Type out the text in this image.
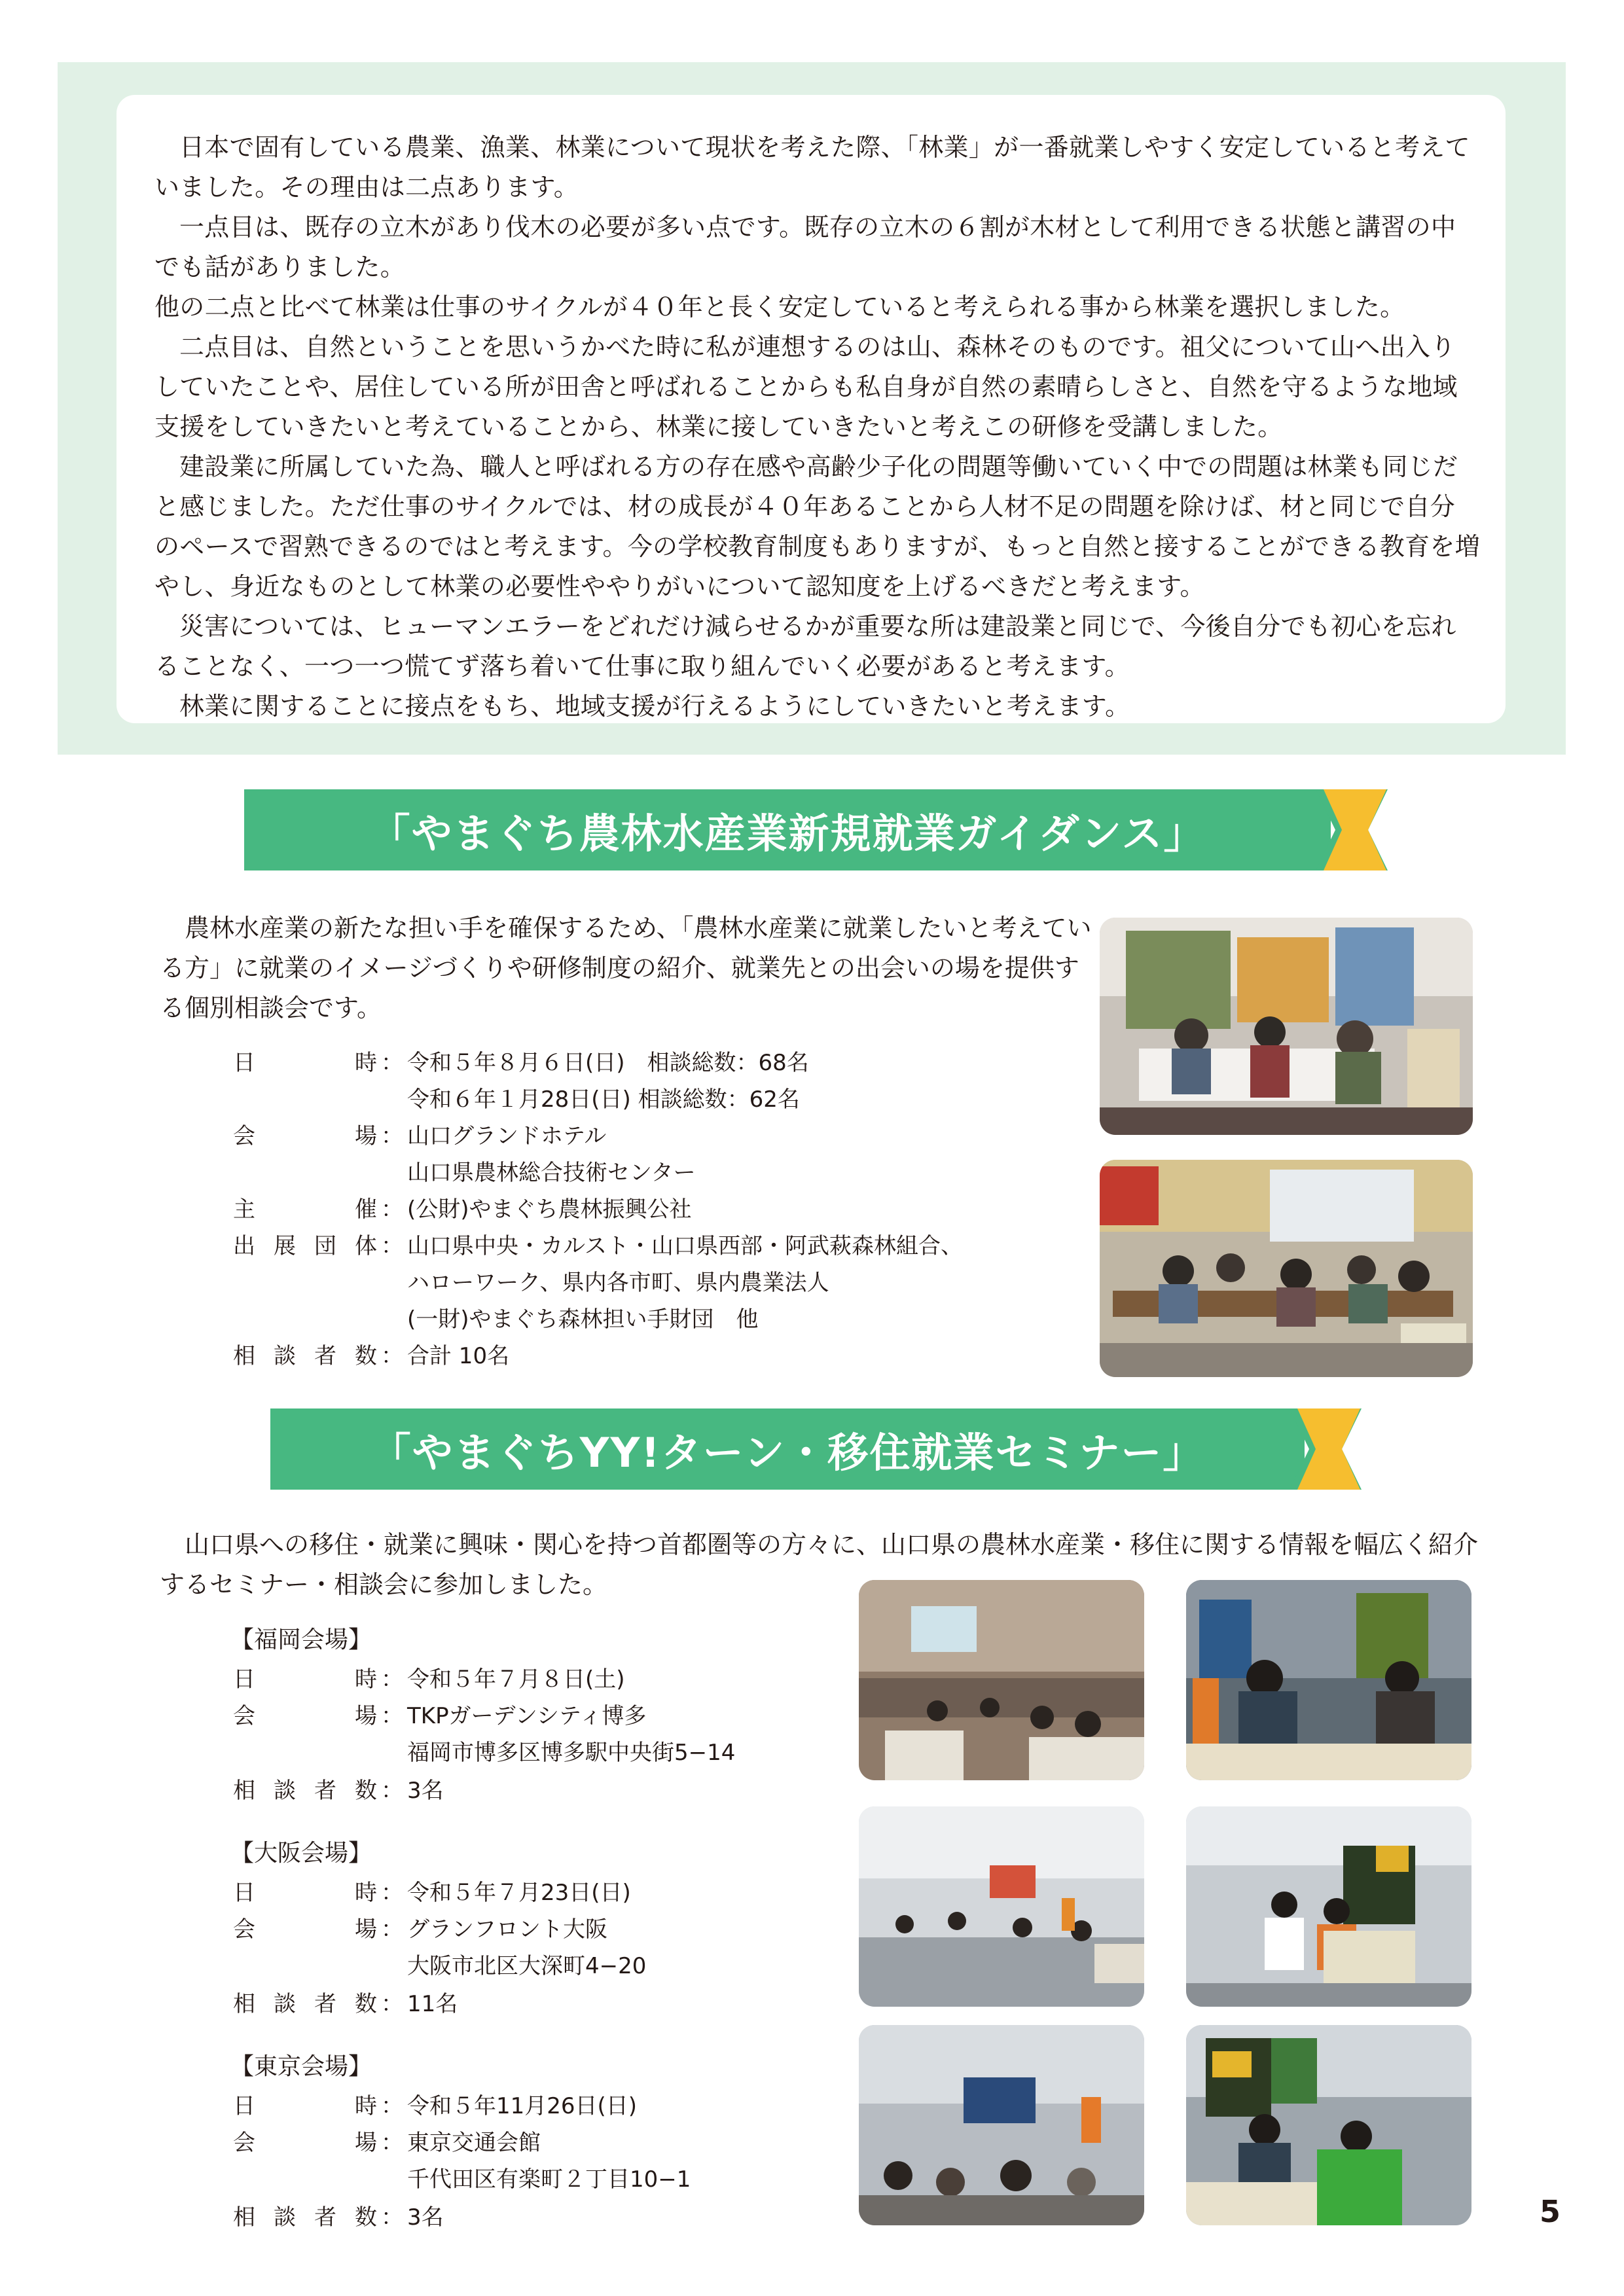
日本で固有している農業、漁業、林業について現状を考えた際、「林業」が一番就業しやすく安定していると考えていました。その理由は二点あります。

一点目は、既存の立木があり伐木の必要が多い点です。既存の立木の６割が木材として利用できる状態と講習の中でも話がありました。

他の二点と比べて林業は仕事のサイクルが４０年と長く安定していると考えられる事から林業を選択しました。

二点目は、自然ということを思いうかべた時に私が連想するのは山、森林そのものです。祖父について山へ出入りしていたことや、居住している所が田舎と呼ばれることからも私自身が自然の素晴らしさと、自然を守るような地域支援をしていきたいと考えていることから、林業に接していきたいと考えこの研修を受講しました。

建設業に所属していた為、職人と呼ばれる方の存在感や高齢少子化の問題等働いていく中での問題は林業も同じだと感じました。ただ仕事のサイクルでは、材の成長が４０年あることから人材不足の問題を除けば、材と同じで自分のペースで習熟できるのではと考えます。今の学校教育制度もありますが、もっと自然と接することができる教育を増やし、身近なものとして林業の必要性ややりがいについて認知度を上げるべきだと考えます。

災害については、ヒューマンエラーをどれだけ減らせるかが重要な所は建設業と同じで、今後自分でも初心を忘れることなく、一つ一つ慌てず落ち着いて仕事に取り組んでいく必要があると考えます。

林業に関することに接点をもち、地域支援が行えるようにしていきたいと考えます。

「やまぐち農林水産業新規就業ガイダンス」

農林水産業の新たな担い手を確保するため、「農林水産業に就業したいと考えている方」に就業のイメージづくりや研修制度の紹介、就業先との出会いの場を提供する個別相談会です。

日	時 ： 令和５年８月６日(日)　相談総数：68名
令和６年１月28日(日) 相談総数：62名
会	場 ： 山口グランドホテル
山口県農林総合技術センター
主	催 ： (公財)やまぐち農林振興公社
出 展 団 体 ： 山口県中央・カルスト・山口県西部・阿武萩森林組合、
ハローワーク、県内各市町、県内農業法人
(一財)やまぐち森林担い手財団　他
相 談 者 数 ： 合計 10名
「やまぐちYY!ターン・移住就業セミナー」

山口県への移住・就業に興味・関心を持つ首都圏等の方々に、山口県の農林水産業・移住に関する情報を幅広く紹介するセミナー・相談会に参加しました。

【福岡会場】
日	時 ： 令和５年７月８日(土)
会	場 ： TKPガーデンシティ博多
福岡市博多区博多駅中央街5−14
相 談 者 数 ： 3名
【大阪会場】
日	時 ： 令和５年７月23日(日)
会	場 ： グランフロント大阪
大阪市北区大深町4−20
相 談 者 数 ： 11名
【東京会場】
日	時 ： 令和５年11月26日(日)
会	場 ： 東京交通会館
千代田区有楽町２丁目10−1
相 談 者 数 ： 3名	5
